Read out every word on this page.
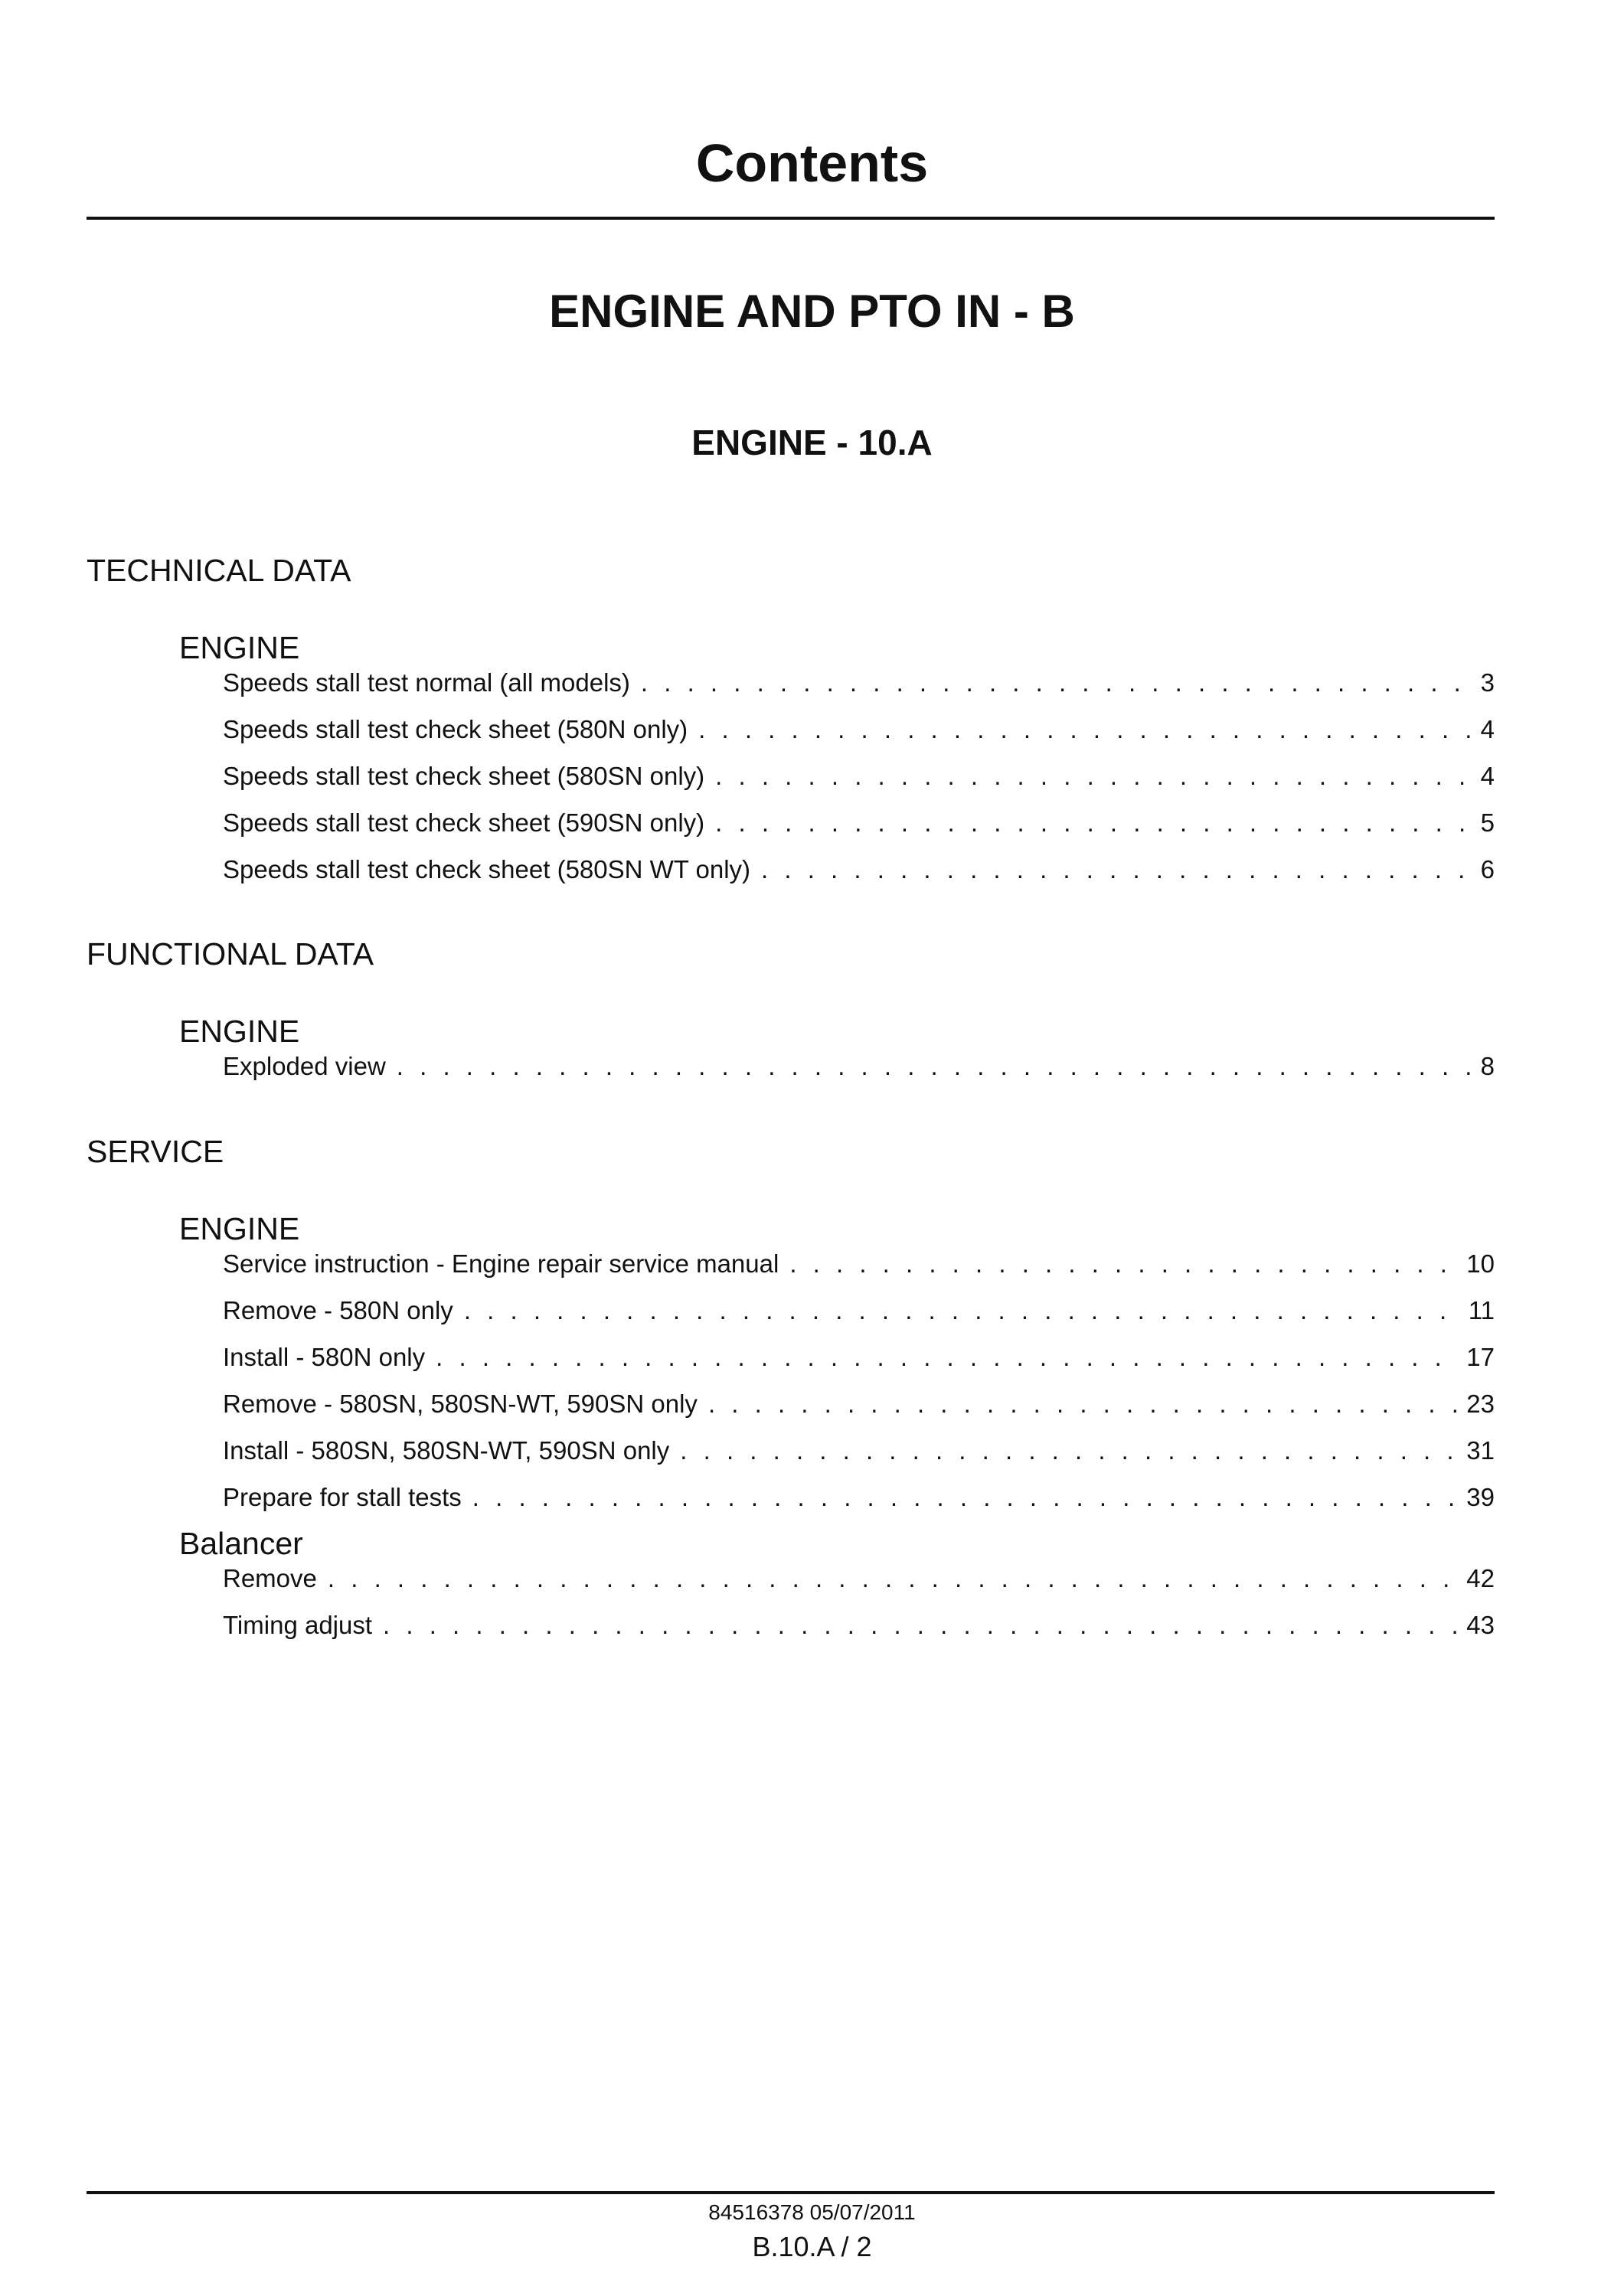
Contents
ENGINE AND PTO IN - B
ENGINE - 10.A
TECHNICAL DATA
ENGINE
Speeds stall test normal (all models) . . .	3
Speeds stall test check sheet (580N only) . . .	4
Speeds stall test check sheet (580SN only) . . .	4
Speeds stall test check sheet (590SN only) . . .	5
Speeds stall test check sheet (580SN WT only) . . .	6
FUNCTIONAL DATA
ENGINE
Exploded view . . .	8
SERVICE
ENGINE
Service instruction - Engine repair service manual . . .	10
Remove - 580N only . . .	11
Install - 580N only . . .	17
Remove - 580SN, 580SN-WT, 590SN only . . .	23
Install - 580SN, 580SN-WT, 590SN only . . .	31
Prepare for stall tests . . .	39
Balancer
Remove . . .	42
Timing adjust . . .	43
84516378 05/07/2011
B.10.A / 2
